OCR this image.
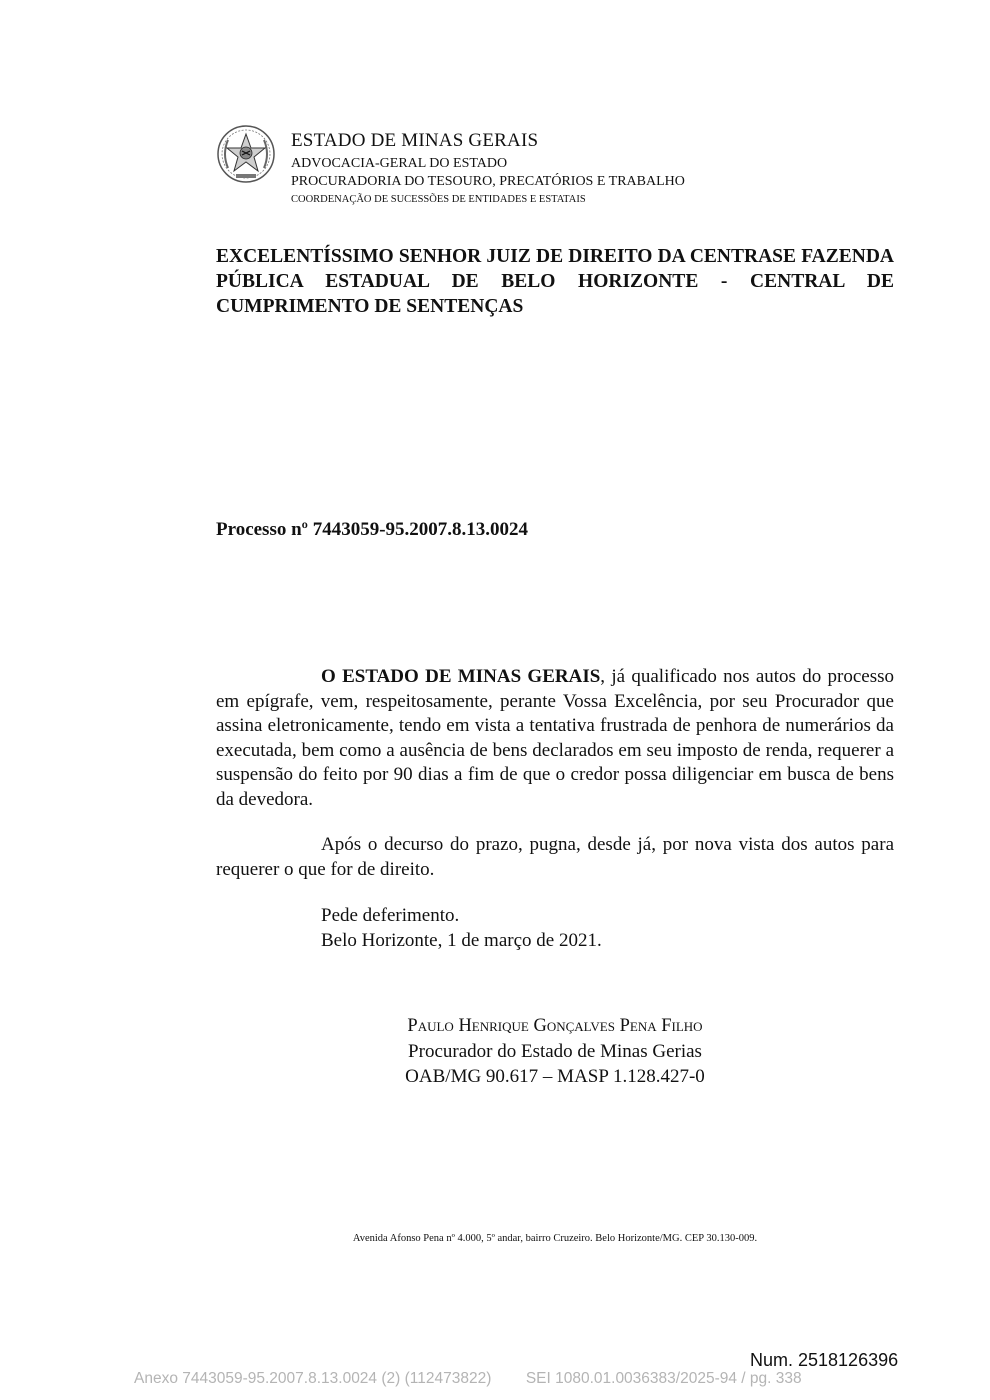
ESTADO DE MINAS GERAIS
ADVOCACIA-GERAL DO ESTADO
PROCURADORIA DO TESOURO, PRECATÓRIOS E TRABALHO
COORDENAÇÃO DE SUCESSÕES DE ENTIDADES E ESTATAIS
EXCELENTÍSSIMO SENHOR JUIZ DE DIREITO DA CENTRASE FAZENDA PÚBLICA ESTADUAL DE BELO HORIZONTE - CENTRAL DE CUMPRIMENTO DE SENTENÇAS
Processo nº 7443059-95.2007.8.13.0024
O ESTADO DE MINAS GERAIS, já qualificado nos autos do processo em epígrafe, vem, respeitosamente, perante Vossa Excelência, por seu Procurador que assina eletronicamente, tendo em vista a tentativa frustrada de penhora de numerários da executada, bem como a ausência de bens declarados em seu imposto de renda, requerer a suspensão do feito por 90 dias a fim de que o credor possa diligenciar em busca de bens da devedora.
Após o decurso do prazo, pugna, desde já, por nova vista dos autos para requerer o que for de direito.
Pede deferimento.
Belo Horizonte, 1 de março de 2021.
Paulo Henrique Gonçalves Pena Filho
Procurador do Estado de Minas Gerias
OAB/MG 90.617 – MASP 1.128.427-0
Avenida Afonso Pena nº 4.000, 5º andar, bairro Cruzeiro. Belo Horizonte/MG. CEP 30.130-009.
Num. 2518126396
Anexo 7443059-95.2007.8.13.0024 (2) (112473822)        SEI 1080.01.0036383/2025-94 / pg. 338
